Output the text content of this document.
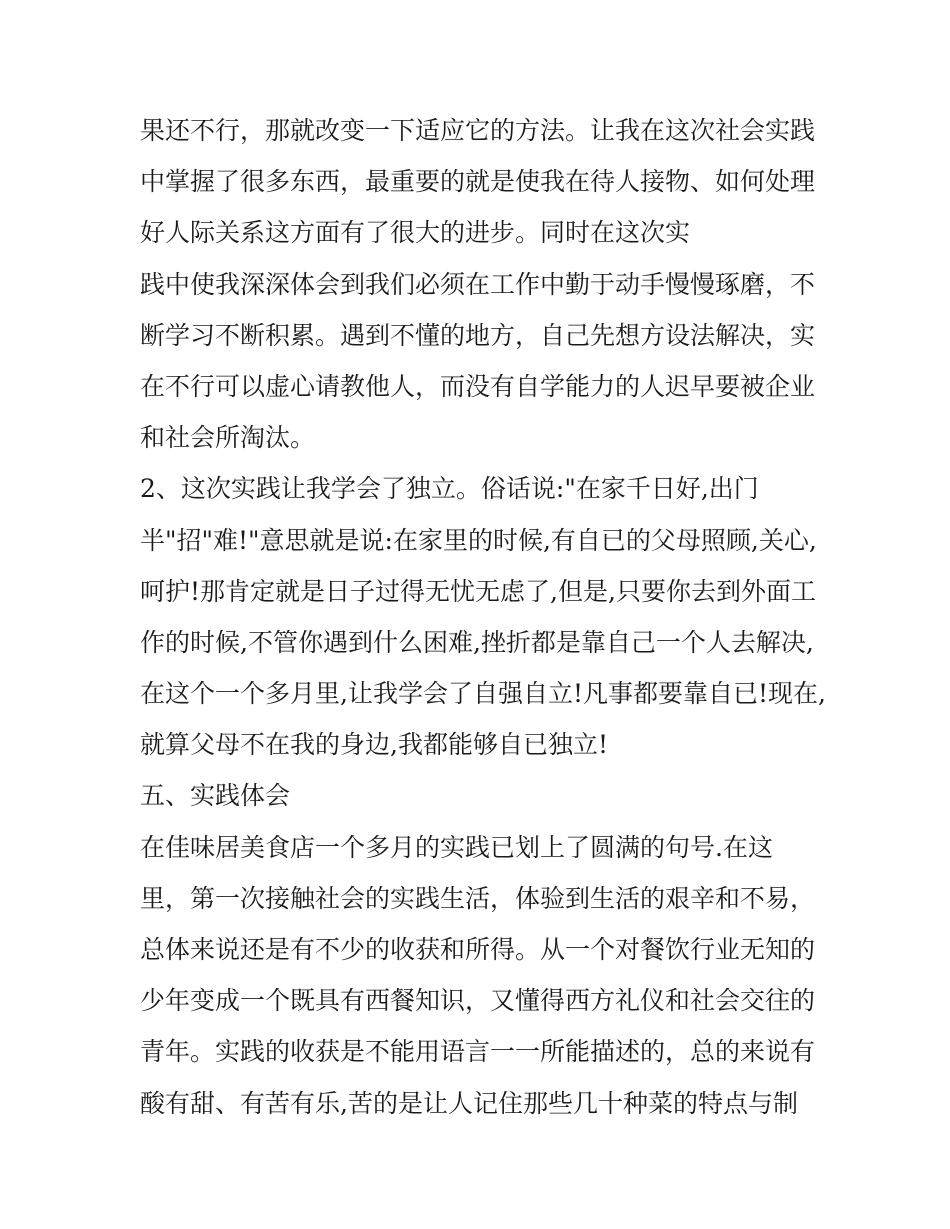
果还不行，那就改变一下适应它的方法。让我在这次社会实践
中掌握了很多东西，最重要的就是使我在待人接物、如何处理
好人际关系这方面有了很大的进步。同时在这次实
践中使我深深体会到我们必须在工作中勤于动手慢慢琢磨，不
断学习不断积累。遇到不懂的地方，自己先想方设法解决，实
在不行可以虚心请教他人，而没有自学能力的人迟早要被企业
和社会所淘汰。
2、这次实践让我学会了独立。俗话说:"在家千日好,出门
半"招"难!"意思就是说:在家里的时候,有自已的父母照顾,关心,
呵护!那肯定就是日子过得无忧无虑了,但是,只要你去到外面工
作的时候,不管你遇到什么困难,挫折都是靠自己一个人去解决,
在这个一个多月里,让我学会了自强自立!凡事都要靠自已!现在,
就算父母不在我的身边,我都能够自已独立!
五、实践体会
在佳味居美食店一个多月的实践已划上了圆满的句号.在这
里，第一次接触社会的实践生活，体验到生活的艰辛和不易，
总体来说还是有不少的收获和所得。从一个对餐饮行业无知的
少年变成一个既具有西餐知识，又懂得西方礼仪和社会交往的
青年。实践的收获是不能用语言一一所能描述的，总的来说有
酸有甜、有苦有乐,苦的是让人记住那些几十种菜的特点与制
